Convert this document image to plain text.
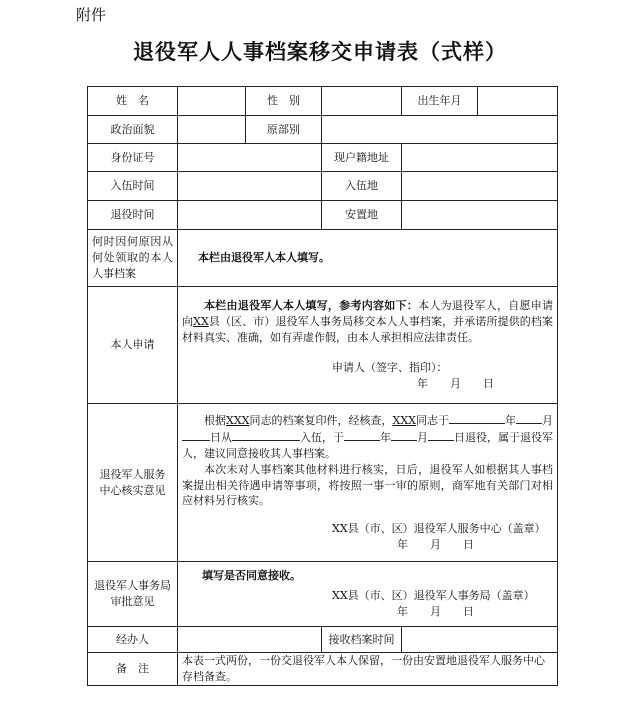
附件
退役军人人事档案移交申请表（式样）
姓　名		性　别		出生年月	
政治面貌		原部别			
身份证号			现户籍地址		
入伍时间			入伍地		
退役时间			安置地		
何时因何原因从何处领取的本人人事档案	本栏由退役军人本人填写。				
本人申请	本栏由退役军人本人填写，参考内容如下：本人为退役军人，自愿申请向XX县（区、市）退役军人事务局移交本人人事档案，并承诺所提供的档案材料真实、准确，如有弄虚作假，由本人承担相应法律责任。
申请人（签字、指印）：
年　　月　　日				

退役军人服务中心核实意见	根据XXX同志的档案复印件，经核查，XXX同志于 年 月日从 入伍，于 年 月 日退役，属于退役军人，建议同意接收其人事档案。
本次未对人事档案其他材料进行核实，日后，退役军人如根据其人事档案提出相关待遇申请等事项，将按照一事一审的原则，商军地有关部门对相应材料另行核实。
XX县（市、区）退役军人服务中心（盖章）
年　　月　　日				

退役军人事务局审批意见	填写是否同意接收。
XX县（市、区）退役军人事务局（盖章）
年　　月　　日				

经办人			接收档案时间		
备　注	本表一式两份，一份交退役军人本人保留，一份由安置地退役军人服务中心存档备查。				
